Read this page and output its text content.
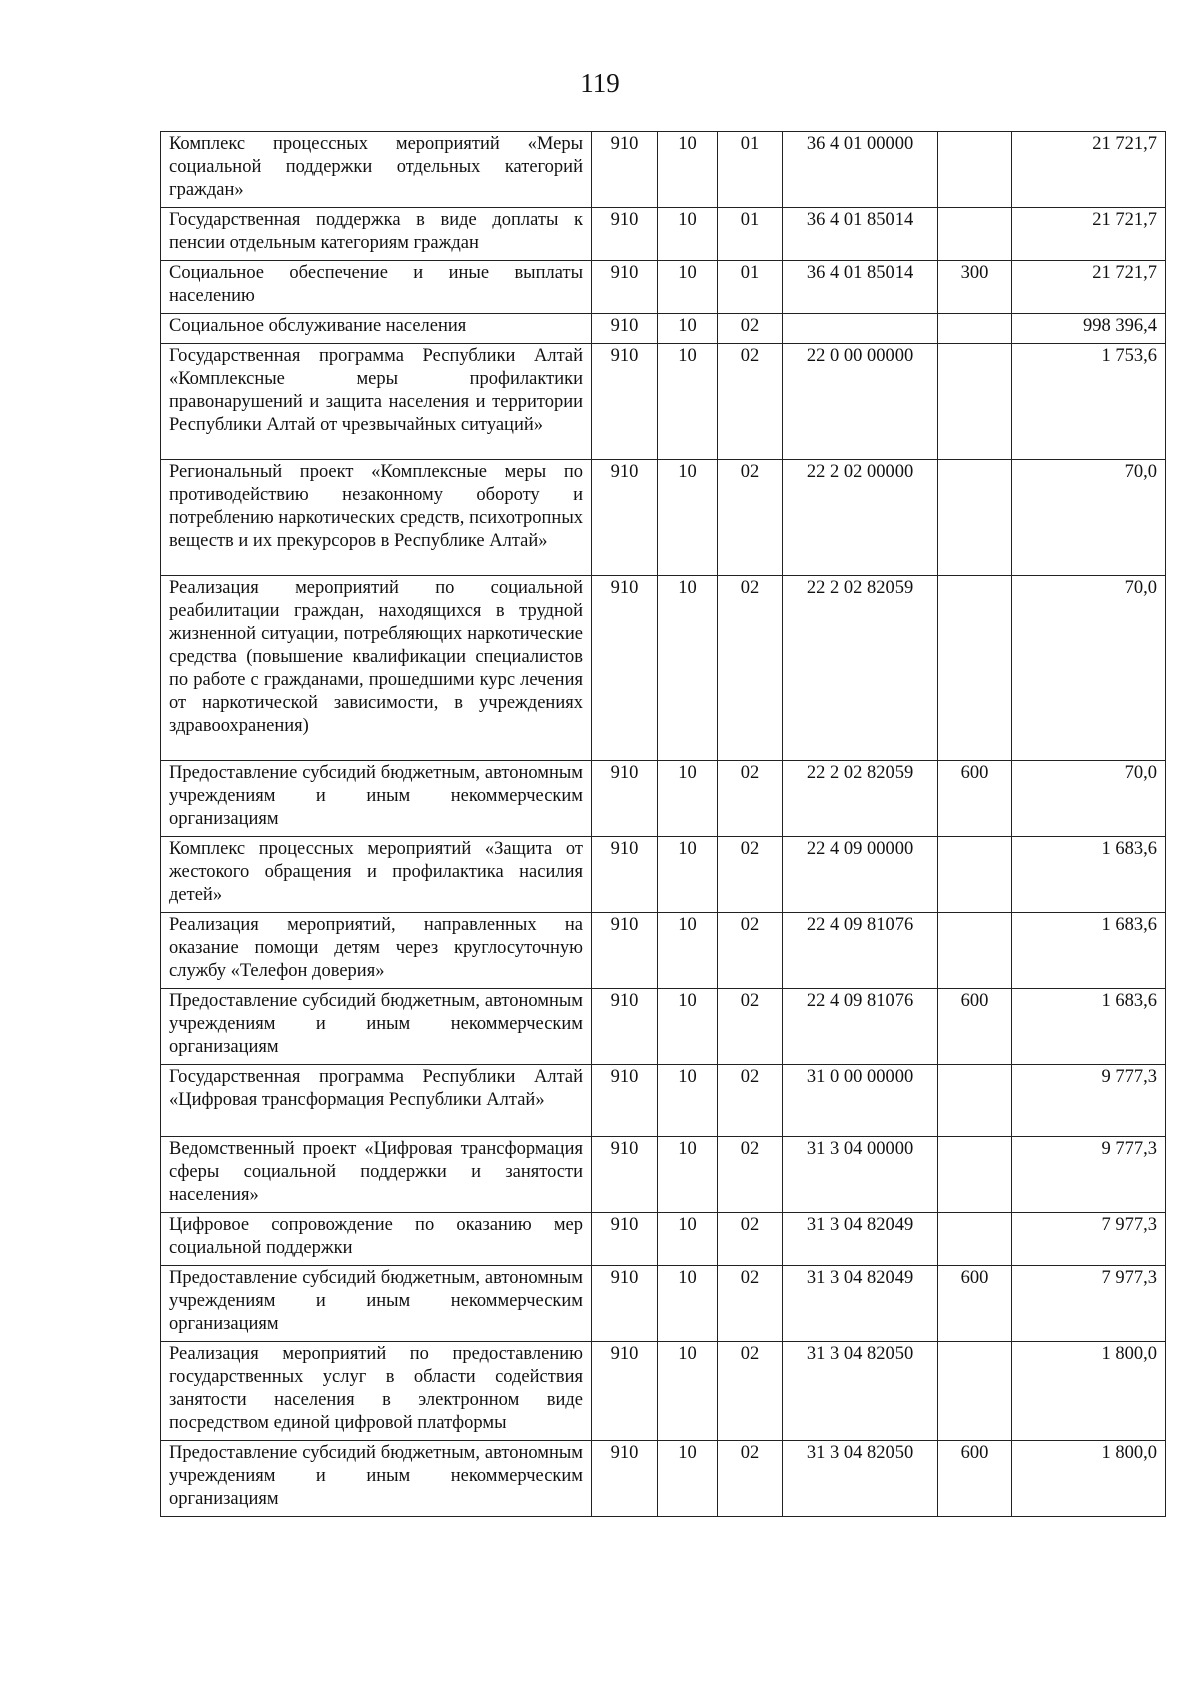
119
Комплекс процессных мероприятий «Меры социальной поддержки отдельных категорий граждан»	910	10	01	36 4 01 00000		21 721,7
Государственная поддержка в виде доплаты к пенсии отдельным категориям граждан	910	10	01	36 4 01 85014		21 721,7
Социальное обеспечение и иные выплаты населению	910	10	01	36 4 01 85014	300	21 721,7
Социальное обслуживание населения	910	10	02			998 396,4
Государственная программа Республики Алтай «Комплексные меры профилактики правонарушений и защита населения и территории Республики Алтай от чрезвычайных ситуаций»	910	10	02	22 0 00 00000		1 753,6
Региональный проект «Комплексные меры по противодействию незаконному обороту и потреблению наркотических средств, психотропных веществ и их прекурсоров в Республике Алтай»	910	10	02	22 2 02 00000		70,0
Реализация мероприятий по социальной реабилитации граждан, находящихся в трудной жизненной ситуации, потребляющих наркотические средства (повышение квалификации специалистов по работе с гражданами, прошедшими курс лечения от наркотической зависимости, в учреждениях здравоохранения)	910	10	02	22 2 02 82059		70,0
Предоставление субсидий бюджетным, автономным учреждениям и иным некоммерческим организациям	910	10	02	22 2 02 82059	600	70,0
Комплекс процессных мероприятий «Защита от жестокого обращения и профилактика насилия детей»	910	10	02	22 4 09 00000		1 683,6
Реализация мероприятий, направленных на оказание помощи детям через круглосуточную службу «Телефон доверия»	910	10	02	22 4 09 81076		1 683,6
Предоставление субсидий бюджетным, автономным учреждениям и иным некоммерческим организациям	910	10	02	22 4 09 81076	600	1 683,6
Государственная программа Республики Алтай «Цифровая трансформация Республики Алтай»	910	10	02	31 0 00 00000		9 777,3
Ведомственный проект «Цифровая трансформация сферы социальной поддержки и занятости населения»	910	10	02	31 3 04 00000		9 777,3
Цифровое сопровождение по оказанию мер социальной поддержки	910	10	02	31 3 04 82049		7 977,3
Предоставление субсидий бюджетным, автономным учреждениям и иным некоммерческим организациям	910	10	02	31 3 04 82049	600	7 977,3
Реализация мероприятий по предоставлению государственных услуг в области содействия занятости населения в электронном виде посредством единой цифровой платформы	910	10	02	31 3 04 82050		1 800,0
Предоставление субсидий бюджетным, автономным учреждениям и иным некоммерческим организациям	910	10	02	31 3 04 82050	600	1 800,0
